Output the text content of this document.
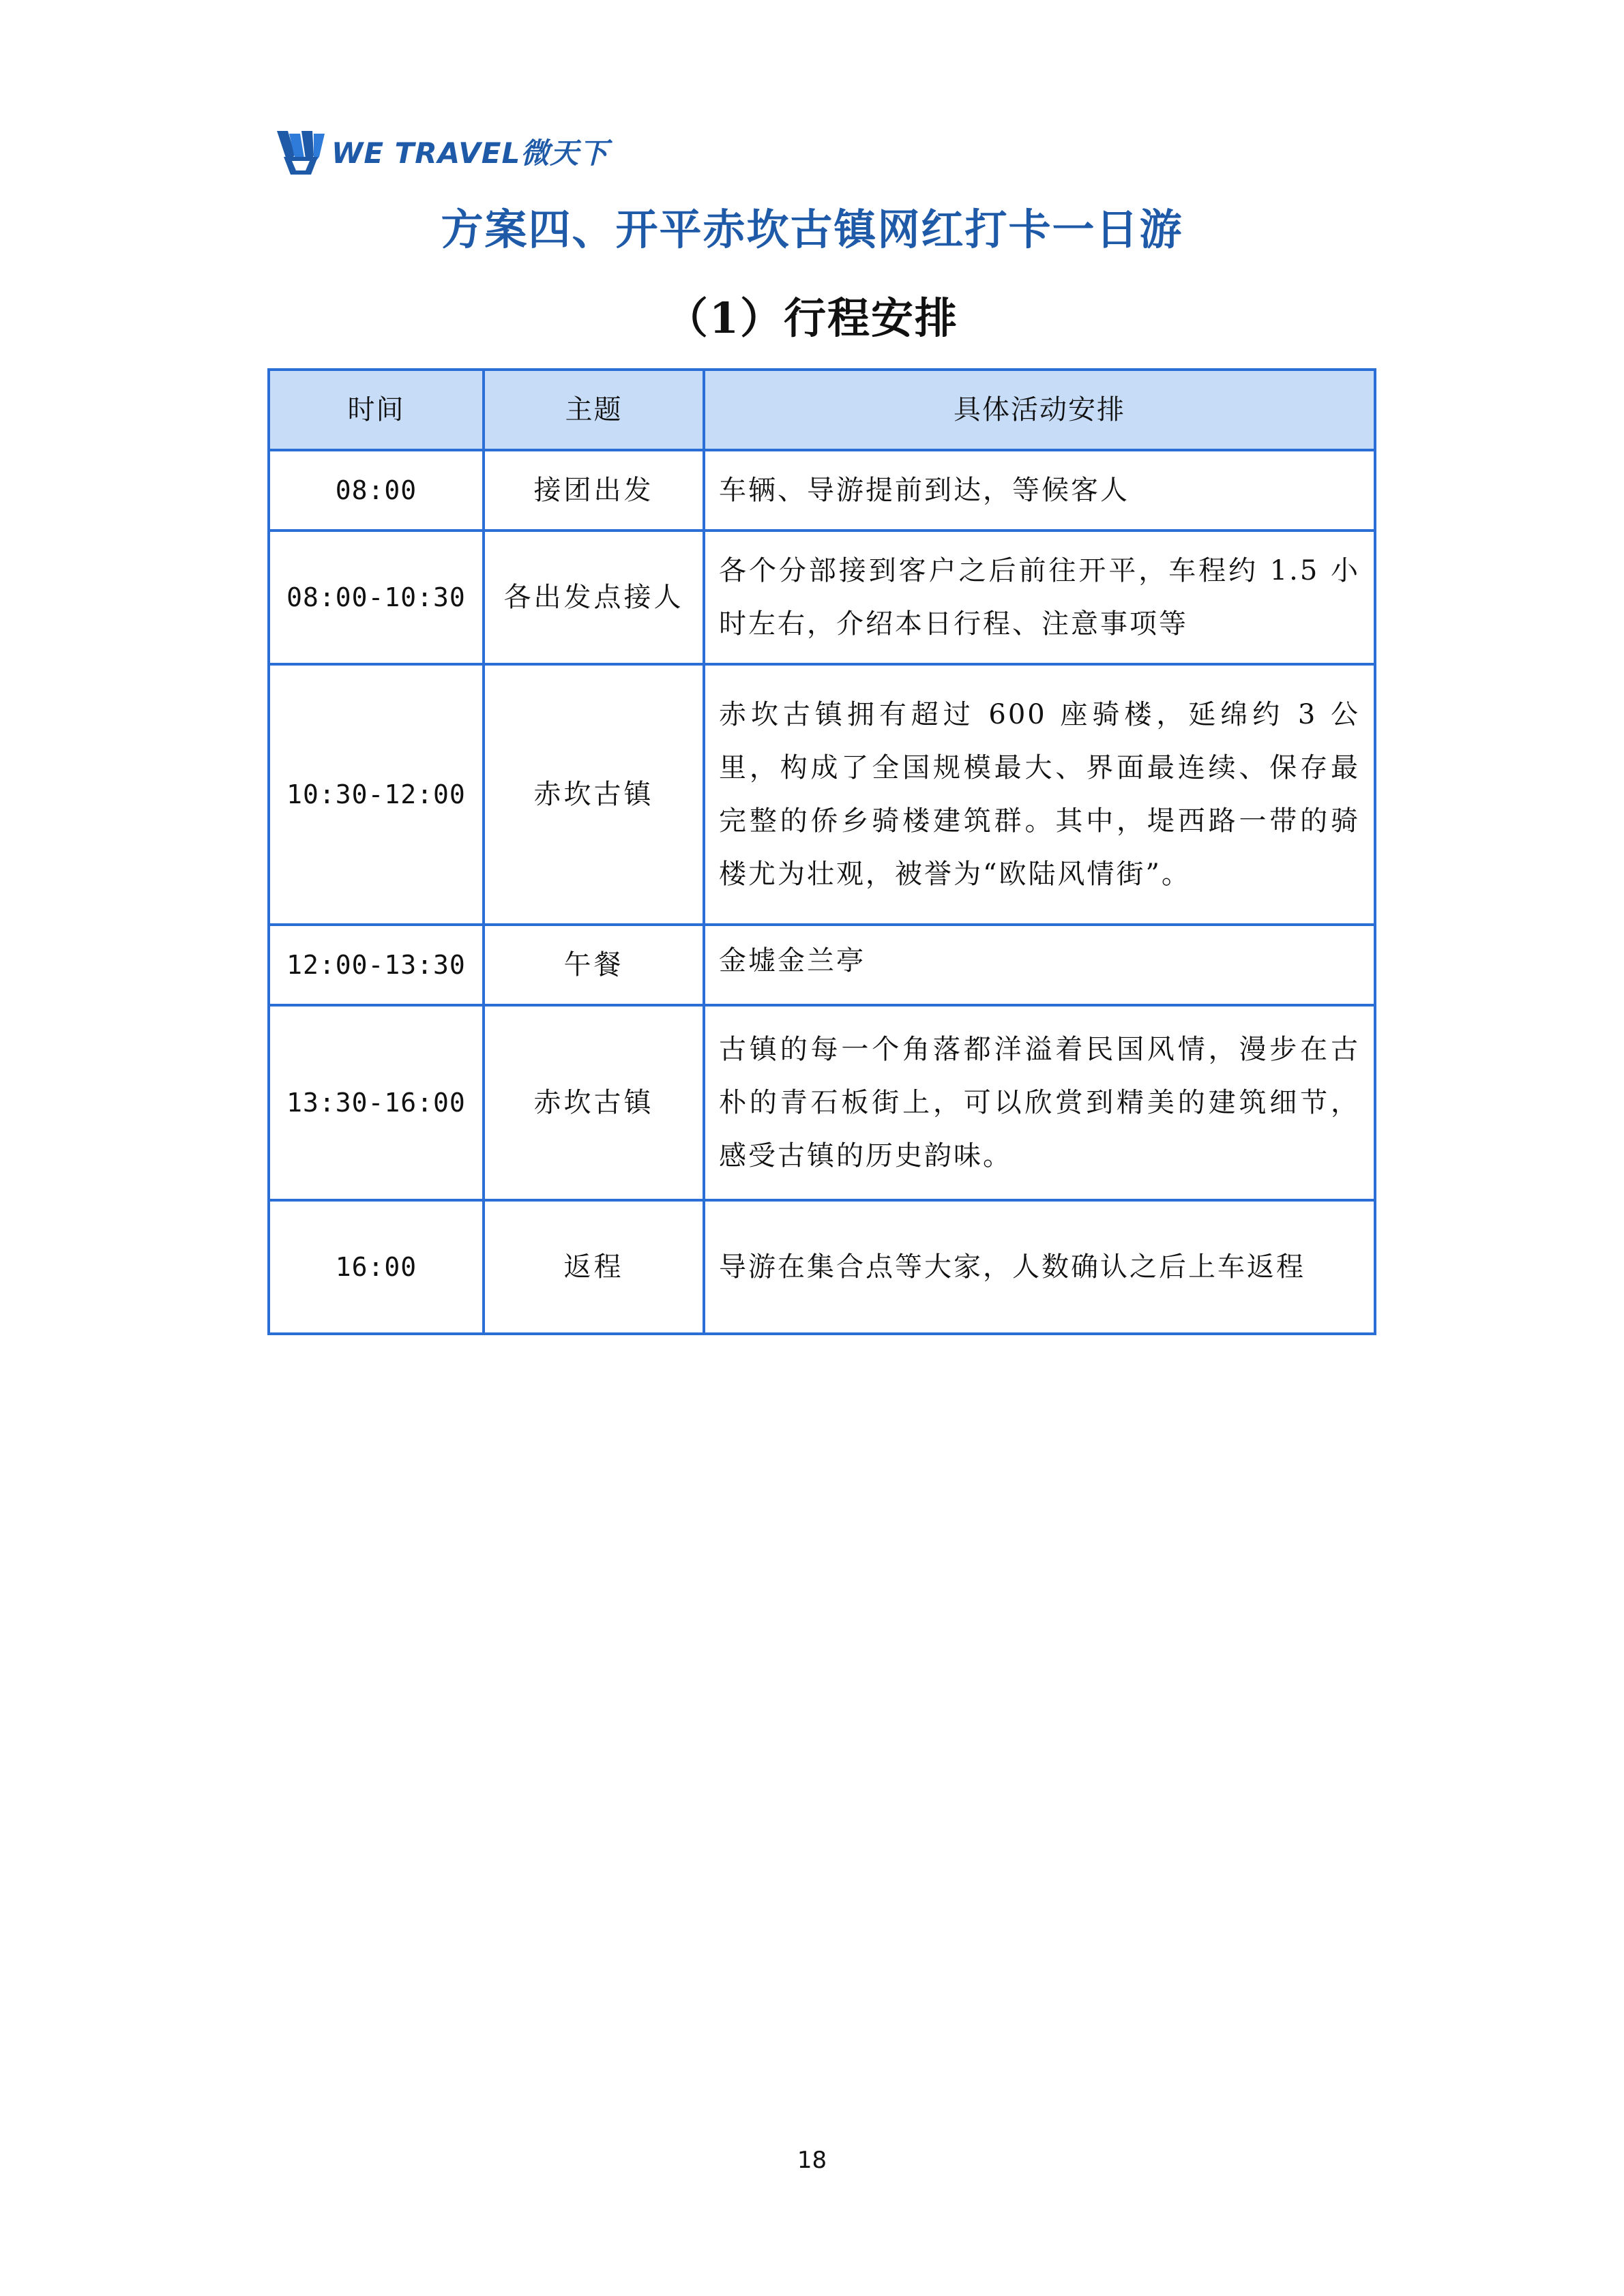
WE TRAVEL微天下
方案四、开平赤坎古镇网红打卡一日游
（1）行程安排
时间	主题	具体活动安排
08:00	接团出发	车辆、导游提前到达，等候客人
08:00-10:30	各出发点接人	各个分部接到客户之后前往开平，车程约 1.5 小时左右，介绍本日行程、注意事项等
10:30-12:00	赤坎古镇	赤坎古镇拥有超过 600 座骑楼，延绵约 3 公里，构成了全国规模最大、界面最连续、保存最完整的侨乡骑楼建筑群。其中，堤西路一带的骑楼尤为壮观，被誉为“欧陆风情街”。
12:00-13:30	午餐	金墟金兰亭
13:30-16:00	赤坎古镇	古镇的每一个角落都洋溢着民国风情，漫步在古朴的青石板街上，可以欣赏到精美的建筑细节，感受古镇的历史韵味。
16:00	返程	导游在集合点等大家，人数确认之后上车返程
18
